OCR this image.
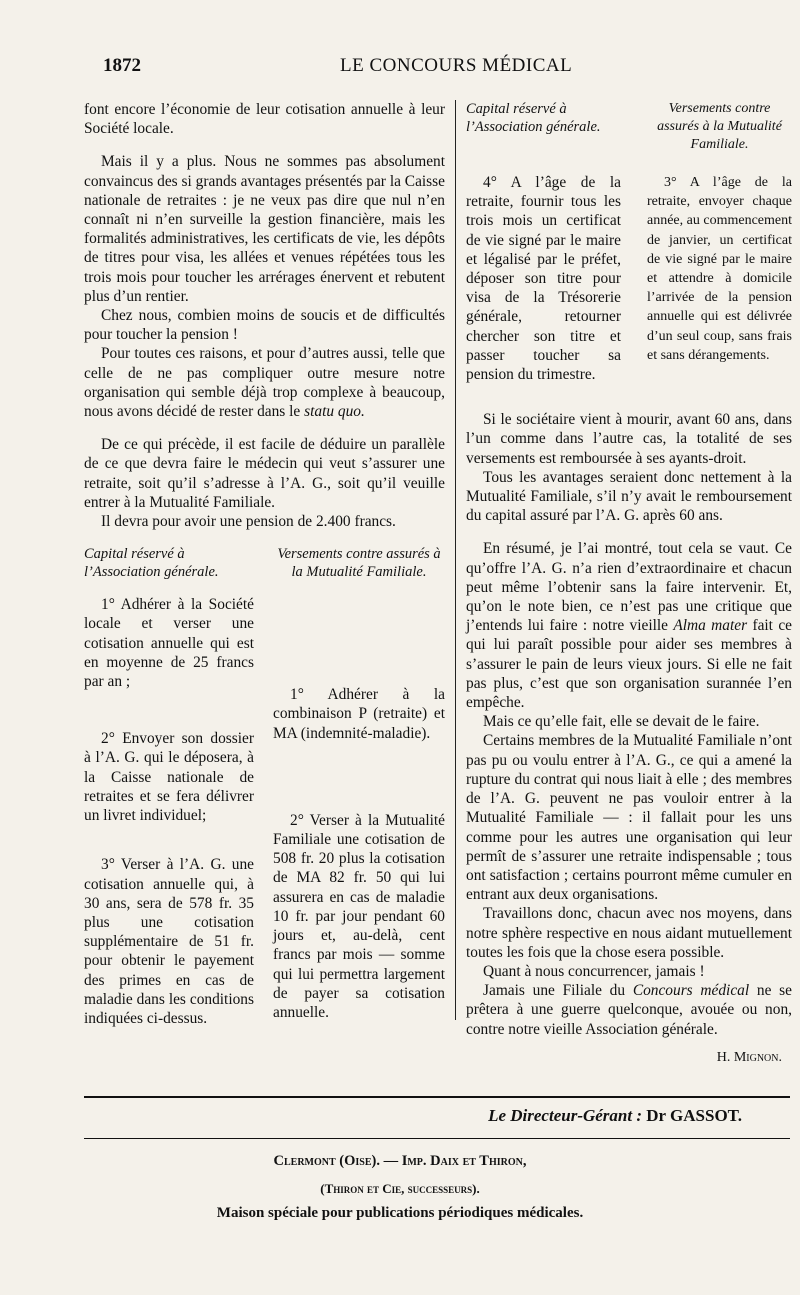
1872	LE CONCOURS MÉDICAL

font encore l’économie de leur cotisation annuelle à leur Société locale.

Mais il y a plus. Nous ne sommes pas absolument convaincus des si grands avantages présentés par la Caisse nationale de retraites : je ne veux pas dire que nul n’en connaît ni n’en surveille la gestion financière, mais les formalités administratives, les certificats de vie, les dépôts de titres pour visa, les allées et venues répétées tous les trois mois pour toucher les arrérages énervent et rebutent plus d’un rentier.

Chez nous, combien moins de soucis et de difficultés pour toucher la pension !

Pour toutes ces raisons, et pour d’autres aussi, telle que celle de ne pas compliquer outre mesure notre organisation qui semble déjà trop complexe à beaucoup, nous avons décidé de rester dans le statu quo.

De ce qui précède, il est facile de déduire un parallèle de ce que devra faire le médecin qui veut s’assurer une retraite, soit qu’il s’adresse à l’A. G., soit qu’il veuille entrer à la Mutualité Familiale.

Il devra pour avoir une pension de 2.400 francs.

Capital réservé à l’Association générale.

1° Adhérer à la Société locale et verser une cotisation annuelle qui est en moyenne de 25 francs par an ;

2° Envoyer son dossier à l’A. G. qui le déposera, à la Caisse nationale de retraites et se fera délivrer un livret individuel;

3° Verser à l’A. G. une cotisation annuelle qui, à 30 ans, sera de 578 fr. 35 plus une cotisation supplémentaire de 51 fr. pour obtenir le payement des primes en cas de maladie dans les conditions indiquées ci-dessus.

Versements contre assurés à la Mutualité Familiale.

1° Adhérer à la combinaison P (retraite) et MA (indemnité-maladie).

2° Verser à la Mutualité Familiale une cotisation de 508 fr. 20 plus la cotisation de MA 82 fr. 50 qui lui assurera en cas de maladie 10 fr. par jour pendant 60 jours et, au-delà, cent francs par mois — somme qui lui permettra largement de payer sa cotisation annuelle.

Capital réservé à l’Association générale.

4° A l’âge de la retraite, fournir tous les trois mois un certificat de vie signé par le maire et légalisé par le préfet, déposer son titre pour visa de la Trésorerie générale, retourner chercher son titre et passer toucher sa pension du trimestre.

Versements contre assurés à la Mutualité Familiale.

3° A l’âge de la retraite, envoyer chaque année, au commencement de janvier, un certificat de vie signé par le maire et attendre à domicile l’arrivée de la pension annuelle qui est délivrée d’un seul coup, sans frais et sans dérangements.

Si le sociétaire vient à mourir, avant 60 ans, dans l’un comme dans l’autre cas, la totalité de ses versements est remboursée à ses ayants-droit.

Tous les avantages seraient donc nettement à la Mutualité Familiale, s’il n’y avait le remboursement du capital assuré par l’A. G. après 60 ans.

En résumé, je l’ai montré, tout cela se vaut. Ce qu’offre l’A. G. n’a rien d’extraordinaire et chacun peut même l’obtenir sans la faire intervenir. Et, qu’on le note bien, ce n’est pas une critique que j’entends lui faire : notre vieille Alma mater fait ce qui lui paraît possible pour aider ses membres à s’assurer le pain de leurs vieux jours. Si elle ne fait pas plus, c’est que son organisation surannée l’en empêche.

Mais ce qu’elle fait, elle se devait de le faire.

Certains membres de la Mutualité Familiale n’ont pas pu ou voulu entrer à l’A. G., ce qui a amené la rupture du contrat qui nous liait à elle ; des membres de l’A. G. peuvent ne pas vouloir entrer à la Mutualité Familiale — : il fallait pour les uns comme pour les autres une organisation qui leur permît de s’assurer une retraite indispensable ; tous ont satisfaction ; certains pourront même cumuler en entrant aux deux organisations.

Travaillons donc, chacun avec nos moyens, dans notre sphère respective en nous aidant mutuellement toutes les fois que la chose esera possible.

Quant à nous concurrencer, jamais !

Jamais une Filiale du Concours médical ne se prêtera à une guerre quelconque, avouée ou non, contre notre vieille Association générale.

H. Mignon.

Le Directeur-Gérant : Dr GASSOT.
Clermont (Oise). — Imp. Daix et Thiron,
(Thiron et Cie, successeurs).
Maison spéciale pour publications périodiques médicales.
